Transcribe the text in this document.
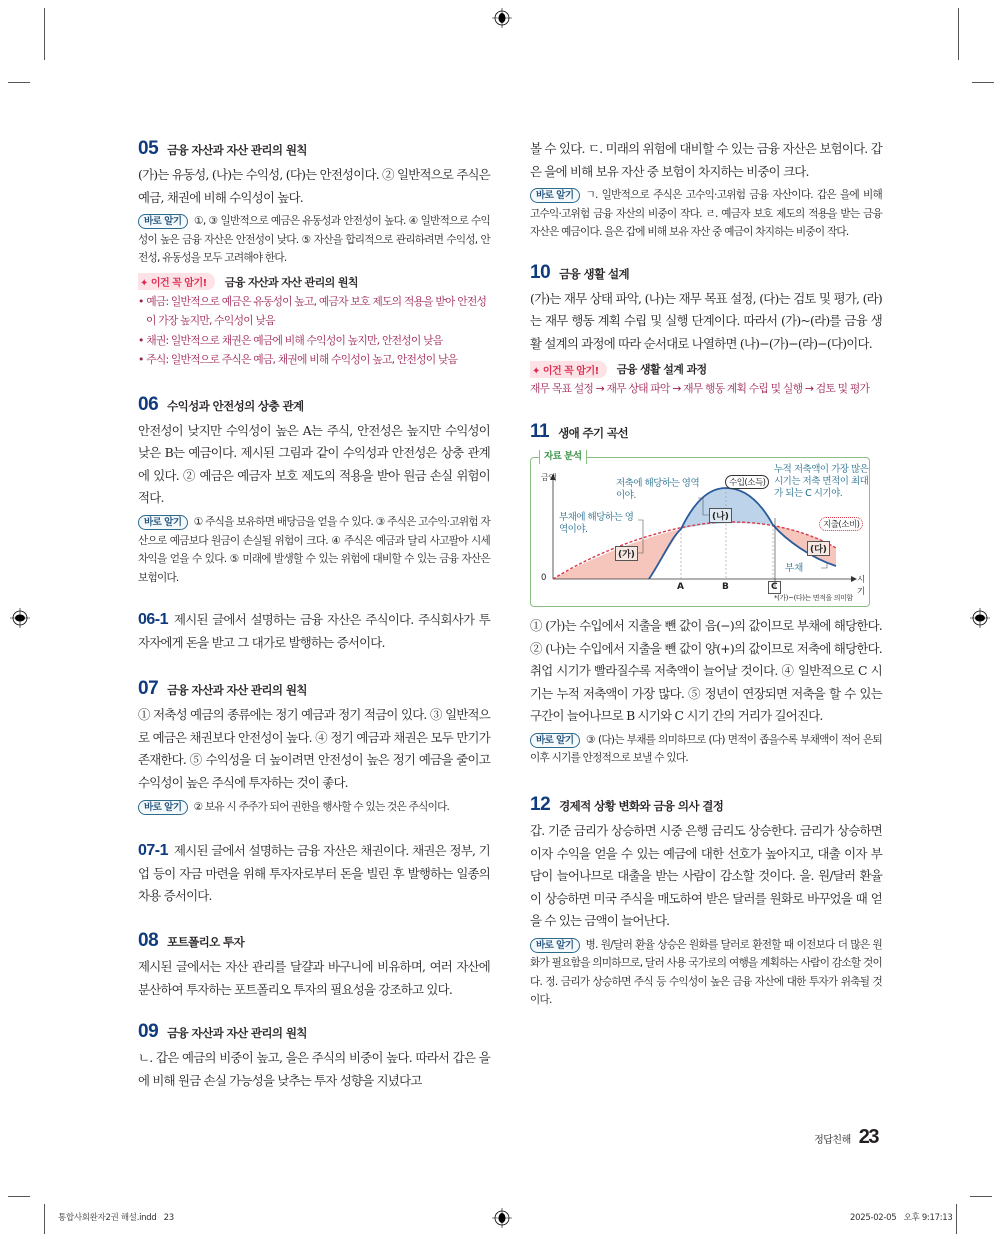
05 금융 자산과 자산 관리의 원칙

(가)는 유동성, (나)는 수익성, (다)는 안전성이다. ② 일반적으로 주식은 예금, 채권에 비해 수익성이 높다.

바로 알기 ①, ③ 일반적으로 예금은 유동성과 안전성이 높다. ④ 일반적으로 수익성이 높은 금융 자산은 안전성이 낮다. ⑤ 자산을 합리적으로 관리하려면 수익성, 안전성, 유동성을 모두 고려해야 한다.

✦ 이건 꼭 암기!	금융 자산과 자산 관리의 원칙
• 예금: 일반적으로 예금은 유동성이 높고, 예금자 보호 제도의 적용을 받아 안전성이 가장 높지만, 수익성이 낮음
• 채권: 일반적으로 채권은 예금에 비해 수익성이 높지만, 안전성이 낮음
• 주식: 일반적으로 주식은 예금, 채권에 비해 수익성이 높고, 안전성이 낮음
06 수익성과 안전성의 상충 관계

안전성이 낮지만 수익성이 높은 A는 주식, 안전성은 높지만 수익성이 낮은 B는 예금이다. 제시된 그림과 같이 수익성과 안전성은 상충 관계에 있다. ② 예금은 예금자 보호 제도의 적용을 받아 원금 손실 위험이 적다.

바로 알기 ① 주식을 보유하면 배당금을 얻을 수 있다. ③ 주식은 고수익·고위험 자산으로 예금보다 원금이 손실될 위험이 크다. ④ 주식은 예금과 달리 사고팔아 시세 차익을 얻을 수 있다. ⑤ 미래에 발생할 수 있는 위험에 대비할 수 있는 금융 자산은 보험이다.

06-1 제시된 글에서 설명하는 금융 자산은 주식이다. 주식회사가 투자자에게 돈을 받고 그 대가로 발행하는 증서이다.

07 금융 자산과 자산 관리의 원칙

① 저축성 예금의 종류에는 정기 예금과 정기 적금이 있다. ③ 일반적으로 예금은 채권보다 안전성이 높다. ④ 정기 예금과 채권은 모두 만기가 존재한다. ⑤ 수익성을 더 높이려면 안전성이 높은 정기 예금을 줄이고 수익성이 높은 주식에 투자하는 것이 좋다.

바로 알기 ② 보유 시 주주가 되어 권한을 행사할 수 있는 것은 주식이다.

07-1 제시된 글에서 설명하는 금융 자산은 채권이다. 채권은 정부, 기업 등이 자금 마련을 위해 투자자로부터 돈을 빌린 후 발행하는 일종의 차용 증서이다.

08 포트폴리오 투자

제시된 글에서는 자산 관리를 달걀과 바구니에 비유하며, 여러 자산에 분산하여 투자하는 포트폴리오 투자의 필요성을 강조하고 있다.

09 금융 자산과 자산 관리의 원칙

ㄴ. 갑은 예금의 비중이 높고, 을은 주식의 비중이 높다. 따라서 갑은 을에 비해 원금 손실 가능성을 낮추는 투자 성향을 지녔다고

볼 수 있다. ㄷ. 미래의 위험에 대비할 수 있는 금융 자산은 보험이다. 갑은 을에 비해 보유 자산 중 보험이 차지하는 비중이 크다.

바로 알기 ㄱ. 일반적으로 주식은 고수익·고위험 금융 자산이다. 갑은 을에 비해 고수익·고위험 금융 자산의 비중이 작다. ㄹ. 예금자 보호 제도의 적용을 받는 금융 자산은 예금이다. 을은 갑에 비해 보유 자산 중 예금이 차지하는 비중이 작다.

10 금융 생활 설계

(가)는 재무 상태 파악, (나)는 재무 목표 설정, (다)는 검토 및 평가, (라)는 재무 행동 계획 수립 및 실행 단계이다. 따라서 (가)~(라)를 금융 생활 설계의 과정에 따라 순서대로 나열하면 (나)−(가)−(라)−(다)이다.

✦ 이건 꼭 암기!	금융 생활 설계 과정

재무 목표 설정 → 재무 상태 파악 → 재무 행동 계획 수립 및 실행 → 검토 및 평가

11 생애 주기 곡선
자료 분석
금액
0	시기
A	B	C
저축에 해당하는 영역이야.
부채에 해당하는 영역이야.
누적 저축액이 가장 많은 시기는 저축 면적이 최대가 되는 C 시기야.
수입(소득)
지출(소비)
부채
(가)
(나)
(다)
*(가)~(다)는 면적을 의미함

① (가)는 수입에서 지출을 뺀 값이 음(−)의 값이므로 부채에 해당한다. ② (나)는 수입에서 지출을 뺀 값이 양(+)의 값이므로 저축에 해당한다. 취업 시기가 빨라질수록 저축액이 늘어날 것이다. ④ 일반적으로 C 시기는 누적 저축액이 가장 많다. ⑤ 정년이 연장되면 저축을 할 수 있는 구간이 늘어나므로 B 시기와 C 시기 간의 거리가 길어진다.

바로 알기 ③ (다)는 부채를 의미하므로 (다) 면적이 좁을수록 부채액이 적어 은퇴 이후 시기를 안정적으로 보낼 수 있다.

12 경제적 상황 변화와 금융 의사 결정

갑. 기준 금리가 상승하면 시중 은행 금리도 상승한다. 금리가 상승하면 이자 수익을 얻을 수 있는 예금에 대한 선호가 높아지고, 대출 이자 부담이 늘어나므로 대출을 받는 사람이 감소할 것이다. 을. 원/달러 환율이 상승하면 미국 주식을 매도하여 받은 달러를 원화로 바꾸었을 때 얻을 수 있는 금액이 늘어난다.

바로 알기 병. 원/달러 환율 상승은 원화를 달러로 환전할 때 이전보다 더 많은 원화가 필요함을 의미하므로, 달러 사용 국가로의 여행을 계획하는 사람이 감소할 것이다. 정. 금리가 상승하면 주식 등 수익성이 높은 금융 자산에 대한 투자가 위축될 것이다.

정답친해 23
통합사회완자2권 해설.indd   23	2025-02-05   오후 9:17:13
